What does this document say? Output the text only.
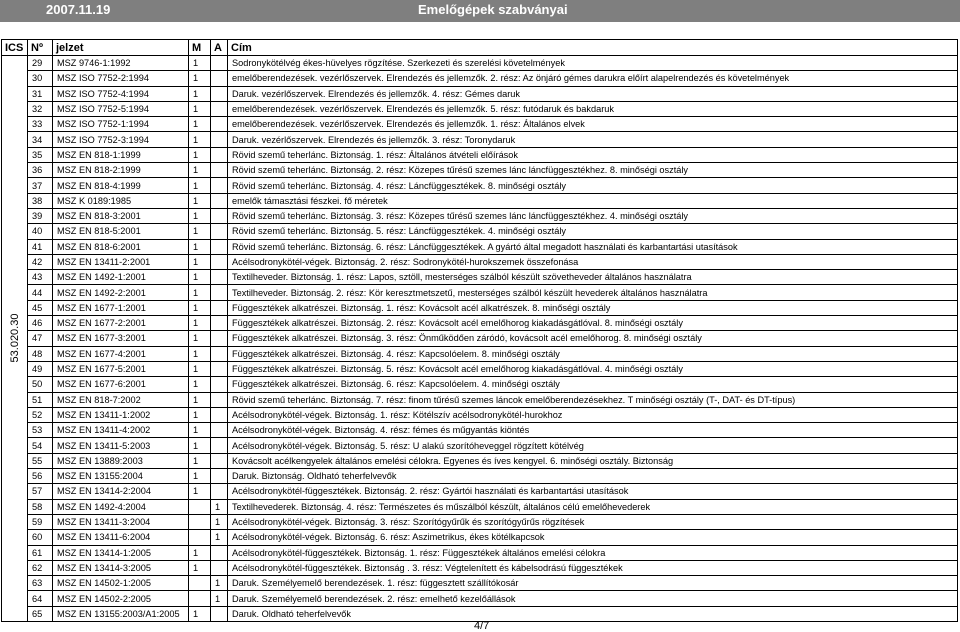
2007.11.19	Emelőgépek szabványai
ICS	Nº	jelzet	M	A	Cím

53.020.30	29	MSZ 9746-1:1992	1		Sodronykötélvég ékes-hüvelyes rögzítése. Szerkezeti és szerelési követelmények
	30	MSZ ISO 7752-2:1994	1		emelőberendezések. vezérlőszervek. Elrendezés és jellemzők. 2. rész: Az önjáró gémes darukra előírt alapelrendezés és követelmények
	31	MSZ ISO 7752-4:1994	1		Daruk. vezérlőszervek. Elrendezés és jellemzők. 4. rész: Gémes daruk
	32	MSZ ISO 7752-5:1994	1		emelőberendezések. vezérlőszervek. Elrendezés és jellemzők. 5. rész: futódaruk és bakdaruk
	33	MSZ ISO 7752-1:1994	1		emelőberendezések. vezérlőszervek. Elrendezés és jellemzők. 1. rész: Általános elvek
	34	MSZ ISO 7752-3:1994	1		Daruk. vezérlőszervek. Elrendezés és jellemzők. 3. rész: Toronydaruk
	35	MSZ EN 818-1:1999	1		Rövid szemű teherlánc. Biztonság. 1. rész: Általános átvételi előírások
	36	MSZ EN 818-2:1999	1		Rövid szemű teherlánc. Biztonság. 2. rész: Közepes tűrésű szemes lánc láncfüggesztékhez. 8. minőségi osztály
	37	MSZ EN 818-4:1999	1		Rövid szemű teherlánc. Biztonság. 4. rész: Láncfüggesztékek. 8. minőségi osztály
	38	MSZ K 0189:1985	1		emelők támasztási fészkei. fő méretek
	39	MSZ EN 818-3:2001	1		Rövid szemű teherlánc. Biztonság. 3. rész: Közepes tűrésű szemes lánc láncfüggesztékhez. 4. minőségi osztály
	40	MSZ EN 818-5:2001	1		Rövid szemű teherlánc. Biztonság. 5. rész: Láncfüggesztékek. 4. minőségi osztály
	41	MSZ EN 818-6:2001	1		Rövid szemű teherlánc. Biztonság. 6. rész: Láncfüggesztékek. A gyártó által megadott használati és karbantartási utasítások
	42	MSZ EN 13411-2:2001	1		Acélsodronykötél-végek. Biztonság. 2. rész: Sodronykötél-hurokszemek összefonása
	43	MSZ EN 1492-1:2001	1		Textilheveder. Biztonság. 1. rész: Lapos, sztöll, mesterséges szálból készült szövetheveder általános használatra
	44	MSZ EN 1492-2:2001	1		Textilheveder. Biztonság. 2. rész: Kör keresztmetszetű, mesterséges szálból készült hevederek általános használatra
	45	MSZ EN 1677-1:2001	1		Függesztékek alkatrészei. Biztonság. 1. rész: Kovácsolt acél alkatrészek. 8. minőségi osztály
	46	MSZ EN 1677-2:2001	1		Függesztékek alkatrészei. Biztonság. 2. rész: Kovácsolt acél emelőhorog kiakadásgátlóval. 8. minőségi osztály
	47	MSZ EN 1677-3:2001	1		Függesztékek alkatrészei. Biztonság. 3. rész: Önműködően záródó, kovácsolt acél emelőhorog. 8. minőségi osztály
	48	MSZ EN 1677-4:2001	1		Függesztékek alkatrészei. Biztonság. 4. rész: Kapcsolóelem. 8. minőségi osztály
	49	MSZ EN 1677-5:2001	1		Függesztékek alkatrészei. Biztonság. 5. rész: Kovácsolt acél emelőhorog kiakadásgátlóval. 4. minőségi osztály
	50	MSZ EN 1677-6:2001	1		Függesztékek alkatrészei. Biztonság. 6. rész: Kapcsolóelem. 4. minőségi osztály
	51	MSZ EN 818-7:2002	1		Rövid szemű teherlánc. Biztonság. 7. rész: finom tűrésű szemes láncok emelőberendezésekhez. T minőségi osztály (T-, DAT- és DT-típus)
	52	MSZ EN 13411-1:2002	1		Acélsodronykötél-végek. Biztonság. 1. rész: Kötélszív acélsodronykötél-hurokhoz
	53	MSZ EN 13411-4:2002	1		Acélsodronykötél-végek. Biztonság. 4. rész: fémes és műgyantás kiöntés
	54	MSZ EN 13411-5:2003	1		Acélsodronykötél-végek. Biztonság. 5. rész: U alakú szorítóheveggel rögzített kötélvég
	55	MSZ EN 13889:2003	1		Kovácsolt acélkengyelek általános emelési célokra. Egyenes és íves kengyel. 6. minőségi osztály. Biztonság
	56	MSZ EN 13155:2004	1		Daruk. Biztonság. Oldható teherfelvevők
	57	MSZ EN 13414-2:2004	1		Acélsodronykötél-függesztékek. Biztonság. 2. rész: Gyártói használati és karbantartási utasítások
	58	MSZ EN 1492-4:2004		1	Textilhevederek. Biztonság. 4. rész: Természetes és műszálból készült, általános célú emelőhevederek
	59	MSZ EN 13411-3:2004		1	Acélsodronykötél-végek. Biztonság. 3. rész: Szorítógyűrűk és szorítógyűrűs rögzítések
	60	MSZ EN 13411-6:2004		1	Acélsodronykötél-végek. Biztonság. 6. rész: Aszimetrikus, ékes kötélkapcsok
	61	MSZ EN 13414-1:2005	1		Acélsodronykötél-függesztékek. Biztonság. 1. rész: Függesztékek általános emelési célokra
	62	MSZ EN 13414-3:2005	1		Acélsodronykötél-függesztékek. Biztonság . 3. rész: Végtelenített és kábelsodrású függesztékek
	63	MSZ EN 14502-1:2005		1	Daruk. Személyemelő berendezések. 1. rész: függesztett szállítókosár
	64	MSZ EN 14502-2:2005		1	Daruk. Személyemelő berendezések. 2. rész: emelhető kezelőállások
	65	MSZ EN 13155:2003/A1:2005	1		Daruk. Oldható teherfelvevők
4/7
